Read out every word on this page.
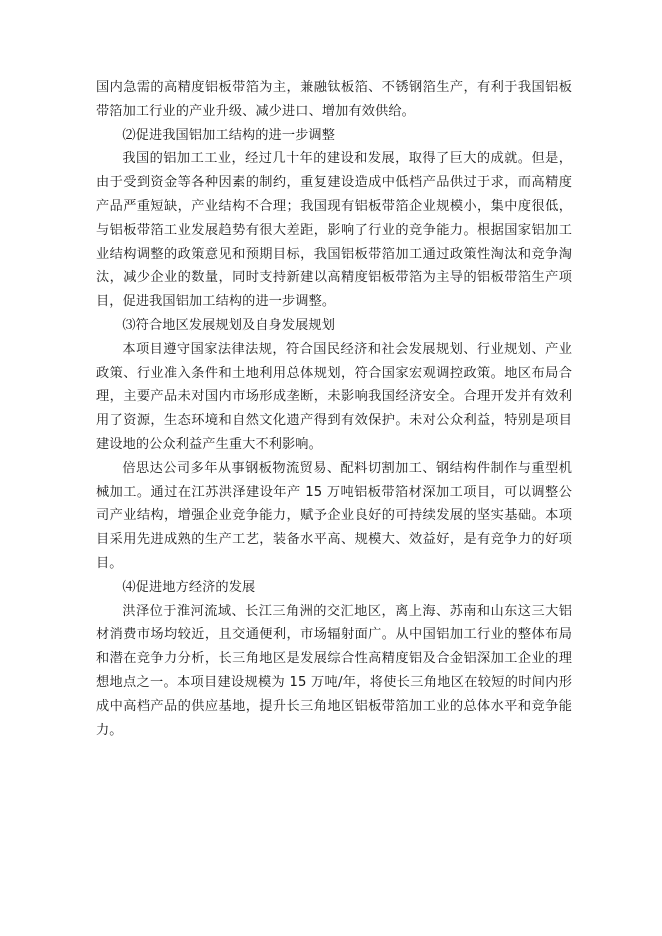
国内急需的高精度铝板带箔为主，兼融钛板箔、不锈钢箔生产，有利于我国铝板带箔加工行业的产业升级、减少进口、增加有效供给。

⑵促进我国铝加工结构的进一步调整

我国的铝加工工业，经过几十年的建设和发展，取得了巨大的成就。但是，由于受到资金等各种因素的制约，重复建设造成中低档产品供过于求，而高精度产品严重短缺，产业结构不合理；我国现有铝板带箔企业规模小，集中度很低，与铝板带箔工业发展趋势有很大差距，影响了行业的竞争能力。根据国家铝加工业结构调整的政策意见和预期目标，我国铝板带箔加工通过政策性淘汰和竞争淘汰，减少企业的数量，同时支持新建以高精度铝板带箔为主导的铝板带箔生产项目，促进我国铝加工结构的进一步调整。

⑶符合地区发展规划及自身发展规划

本项目遵守国家法律法规，符合国民经济和社会发展规划、行业规划、产业政策、行业准入条件和土地利用总体规划，符合国家宏观调控政策。地区布局合理，主要产品未对国内市场形成垄断，未影响我国经济安全。合理开发并有效利用了资源，生态环境和自然文化遗产得到有效保护。未对公众利益，特别是项目建设地的公众利益产生重大不利影响。

倍思达公司多年从事钢板物流贸易、配料切割加工、钢结构件制作与重型机械加工。通过在江苏洪泽建设年产 15 万吨铝板带箔材深加工项目，可以调整公司产业结构，增强企业竞争能力，赋予企业良好的可持续发展的坚实基础。本项目采用先进成熟的生产工艺，装备水平高、规模大、效益好，是有竞争力的好项目。

⑷促进地方经济的发展

洪泽位于淮河流域、长江三角洲的交汇地区，离上海、苏南和山东这三大铝材消费市场均较近，且交通便利，市场辐射面广。从中国铝加工行业的整体布局和潜在竞争力分析，长三角地区是发展综合性高精度铝及合金铝深加工企业的理想地点之一。本项目建设规模为 15 万吨/年，将使长三角地区在较短的时间内形成中高档产品的供应基地，提升长三角地区铝板带箔加工业的总体水平和竞争能力。
